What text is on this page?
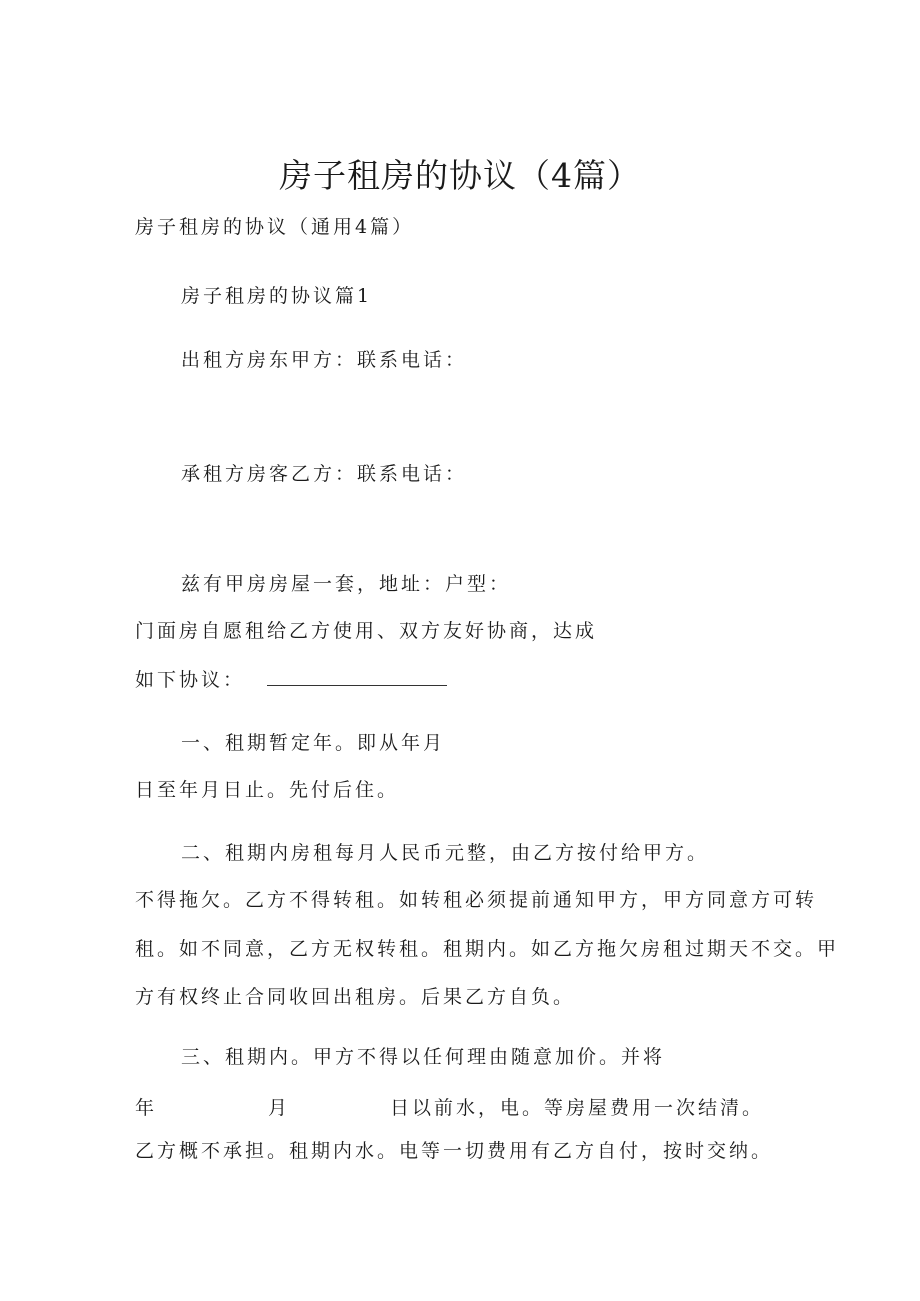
房子租房的协议（4篇）
房子租房的协议（通用4篇）
房子租房的协议篇1
出租方房东甲方：联系电话：
承租方房客乙方：联系电话：
兹有甲房房屋一套，地址：户型：
门面房自愿租给乙方使用、双方友好协商，达成
如下协议：
一、租期暂定年。即从年月
日至年月日止。先付后住。
二、租期内房租每月人民币元整，由乙方按付给甲方。
不得拖欠。乙方不得转租。如转租必须提前通知甲方，甲方同意方可转
租。如不同意，乙方无权转租。租期内。如乙方拖欠房租过期天不交。甲
方有权终止合同收回出租房。后果乙方自负。
三、租期内。甲方不得以任何理由随意加价。并将
年	月	日以前水，电。等房屋费用一次结清。
乙方概不承担。租期内水。电等一切费用有乙方自付，按时交纳。
